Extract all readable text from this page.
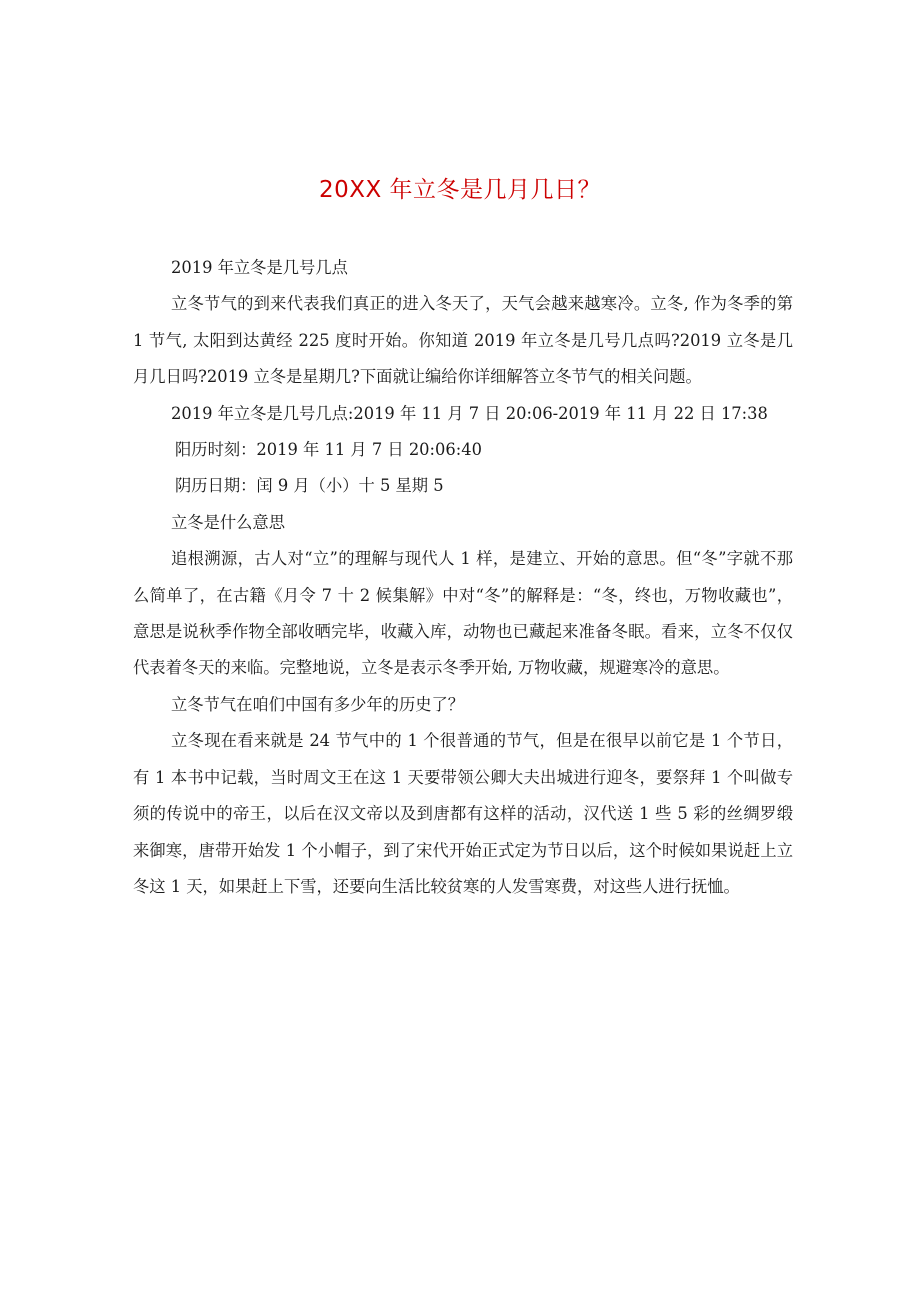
20XX 年立冬是几月几日？

2019 年立冬是几号几点

立冬节气的到来代表我们真正的进入冬天了，天气会越来越寒冷。立冬, 作为冬季的第 1 节气, 太阳到达黄经 225 度时开始。你知道 2019 年立冬是几号几点吗?2019 立冬是几月几日吗?2019 立冬是星期几?下面就让编给你详细解答立冬节气的相关问题。

2019 年立冬是几号几点:2019 年 11 月 7 日 20:06-2019 年 11 月 22 日 17:38

阳历时刻：2019 年 11 月 7 日 20:06:40

阴历日期：闰 9 月（小）十 5 星期 5

立冬是什么意思

追根溯源，古人对“立”的理解与现代人 1 样，是建立、开始的意思。但“冬”字就不那么简单了，在古籍《月令 7 十 2 候集解》中对“冬”的解释是：“冬，终也，万物收藏也”，意思是说秋季作物全部收晒完毕，收藏入库，动物也已藏起来准备冬眠。看来，立冬不仅仅代表着冬天的来临。完整地说，立冬是表示冬季开始, 万物收藏，规避寒冷的意思。

立冬节气在咱们中国有多少年的历史了？

立冬现在看来就是 24 节气中的 1 个很普通的节气，但是在很早以前它是 1 个节日，有 1 本书中记载，当时周文王在这 1 天要带领公卿大夫出城进行迎冬，要祭拜 1 个叫做专须的传说中的帝王，以后在汉文帝以及到唐都有这样的活动，汉代送 1 些 5 彩的丝绸罗缎来御寒，唐带开始发 1 个小帽子，到了宋代开始正式定为节日以后，这个时候如果说赶上立冬这 1 天，如果赶上下雪，还要向生活比较贫寒的人发雪寒费，对这些人进行抚恤。
